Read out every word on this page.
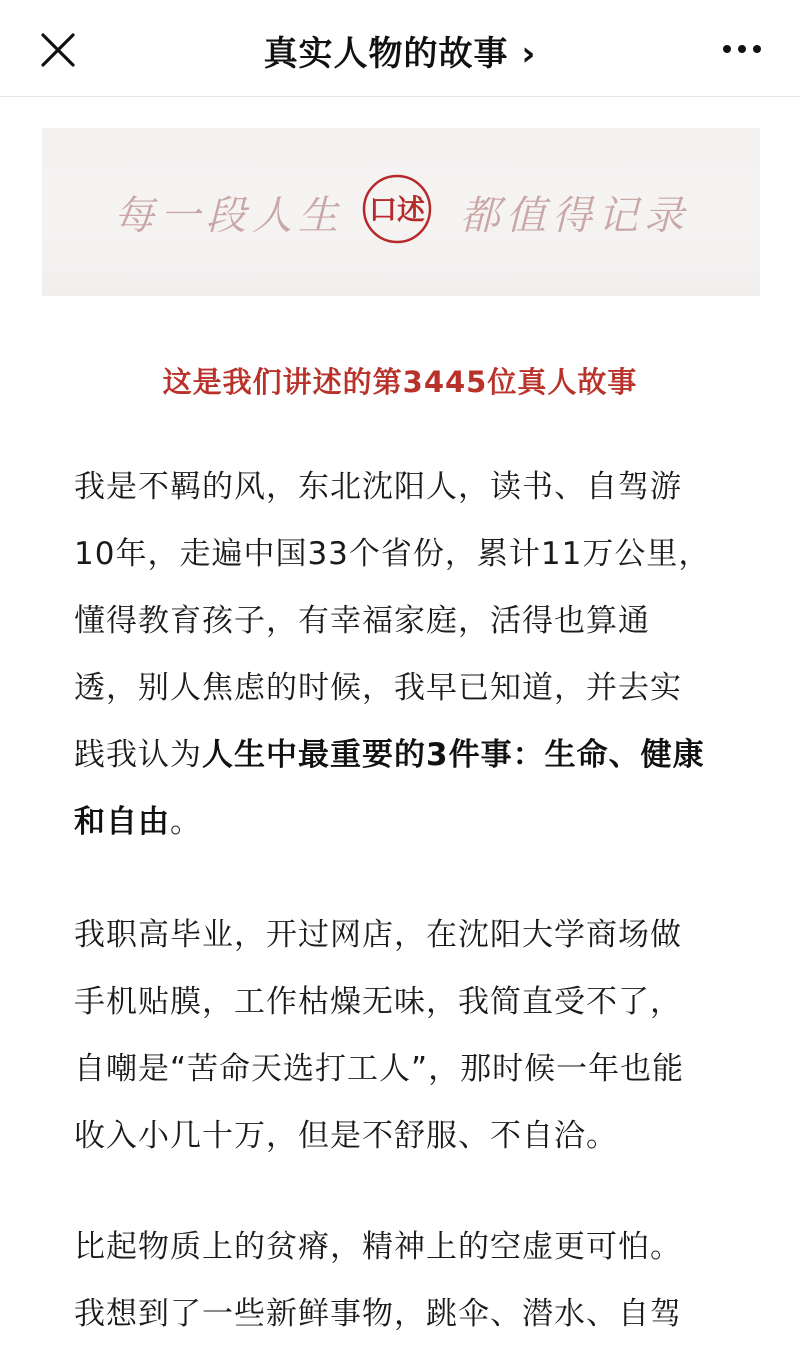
真实人物的故事 ›
每一段人生 口述 都值得记录
这是我们讲述的第3445位真人故事
我是不羁的风，东北沈阳人，读书、自驾游
10年，走遍中国33个省份，累计11万公里，
懂得教育孩子，有幸福家庭，活得也算通
透，别人焦虑的时候，我早已知道，并去实
践我认为人生中最重要的3件事：生命、健康
和自由。
我职高毕业，开过网店，在沈阳大学商场做
手机贴膜，工作枯燥无味，我简直受不了，
自嘲是“苦命天选打工人”，那时候一年也能
收入小几十万，但是不舒服、不自洽。
比起物质上的贫瘠，精神上的空虚更可怕。
我想到了一些新鲜事物，跳伞、潜水、自驾
